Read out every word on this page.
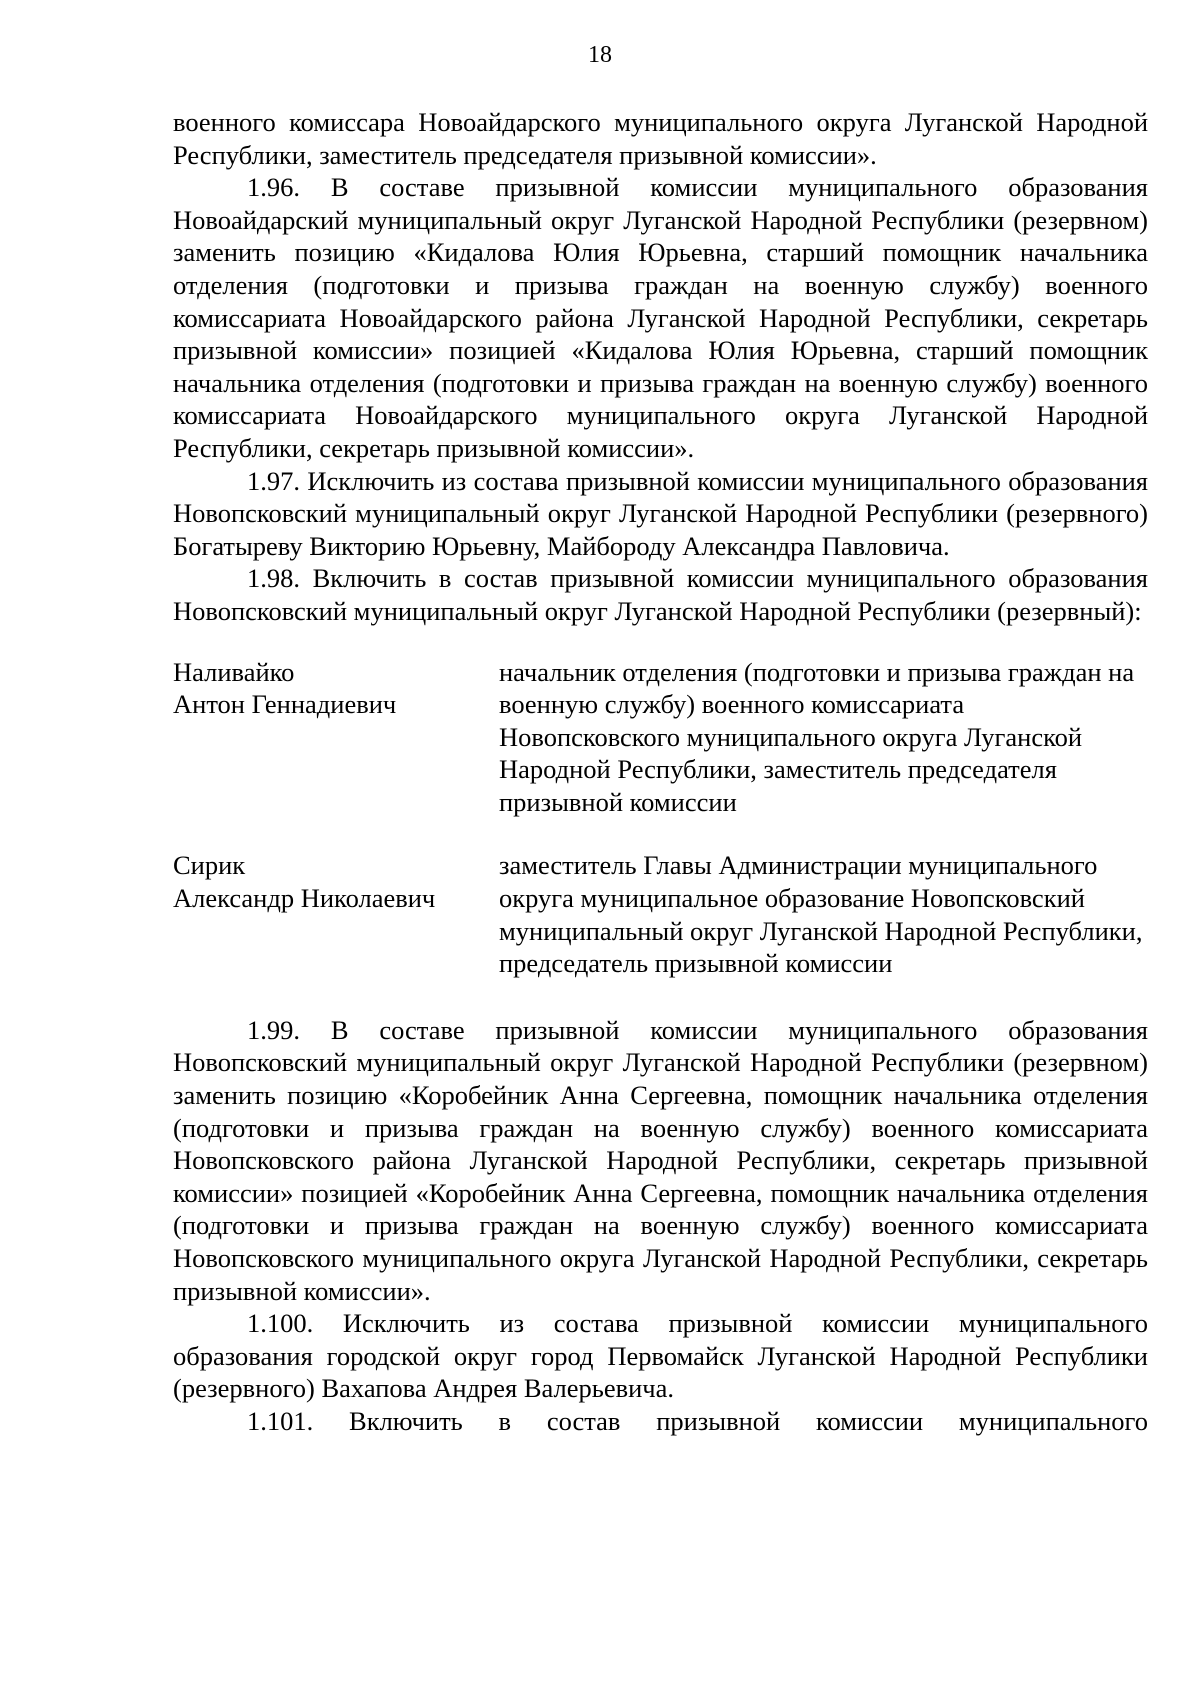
18

военного комиссара Новоайдарского муниципального округа Луганской Народной Республики, заместитель председателя призывной комиссии».

1.96. В составе призывной комиссии муниципального образования Новоайдарский муниципальный округ Луганской Народной Республики (резервном) заменить позицию «Кидалова Юлия Юрьевна, старший помощник начальника отделения (подготовки и призыва граждан на военную службу) военного комиссариата Новоайдарского района Луганской Народной Республики, секретарь призывной комиссии» позицией «Кидалова Юлия Юрьевна, старший помощник начальника отделения (подготовки и призыва граждан на военную службу) военного комиссариата Новоайдарского муниципального округа Луганской Народной Республики, секретарь призывной комиссии».

1.97. Исключить из состава призывной комиссии муниципального образования Новопсковский муниципальный округ Луганской Народной Республики (резервного) Богатыреву Викторию Юрьевну, Майбороду Александра Павловича.

1.98. Включить в состав призывной комиссии муниципального образования Новопсковский муниципальный округ Луганской Народной Республики (резервный):

Наливайко
Антон Геннадиевич
начальник отделения (подготовки и призыва граждан на военную службу) военного комиссариата Новопсковского муниципального округа Луганской Народной Республики, заместитель председателя призывной комиссии
Сирик
Александр Николаевич
заместитель Главы Администрации муниципального округа муниципальное образование Новопсковский муниципальный округ Луганской Народной Республики, председатель призывной комиссии

1.99. В составе призывной комиссии муниципального образования Новопсковский муниципальный округ Луганской Народной Республики (резервном) заменить позицию «Коробейник Анна Сергеевна, помощник начальника отделения (подготовки и призыва граждан на военную службу) военного комиссариата Новопсковского района Луганской Народной Республики, секретарь призывной комиссии» позицией «Коробейник Анна Сергеевна, помощник начальника отделения (подготовки и призыва граждан на военную службу) военного комиссариата Новопсковского муниципального округа Луганской Народной Республики, секретарь призывной комиссии».

1.100. Исключить из состава призывной комиссии муниципального образования городской округ город Первомайск Луганской Народной Республики (резервного) Вахапова Андрея Валерьевича.

1.101. Включить в состав призывной комиссии муниципального
